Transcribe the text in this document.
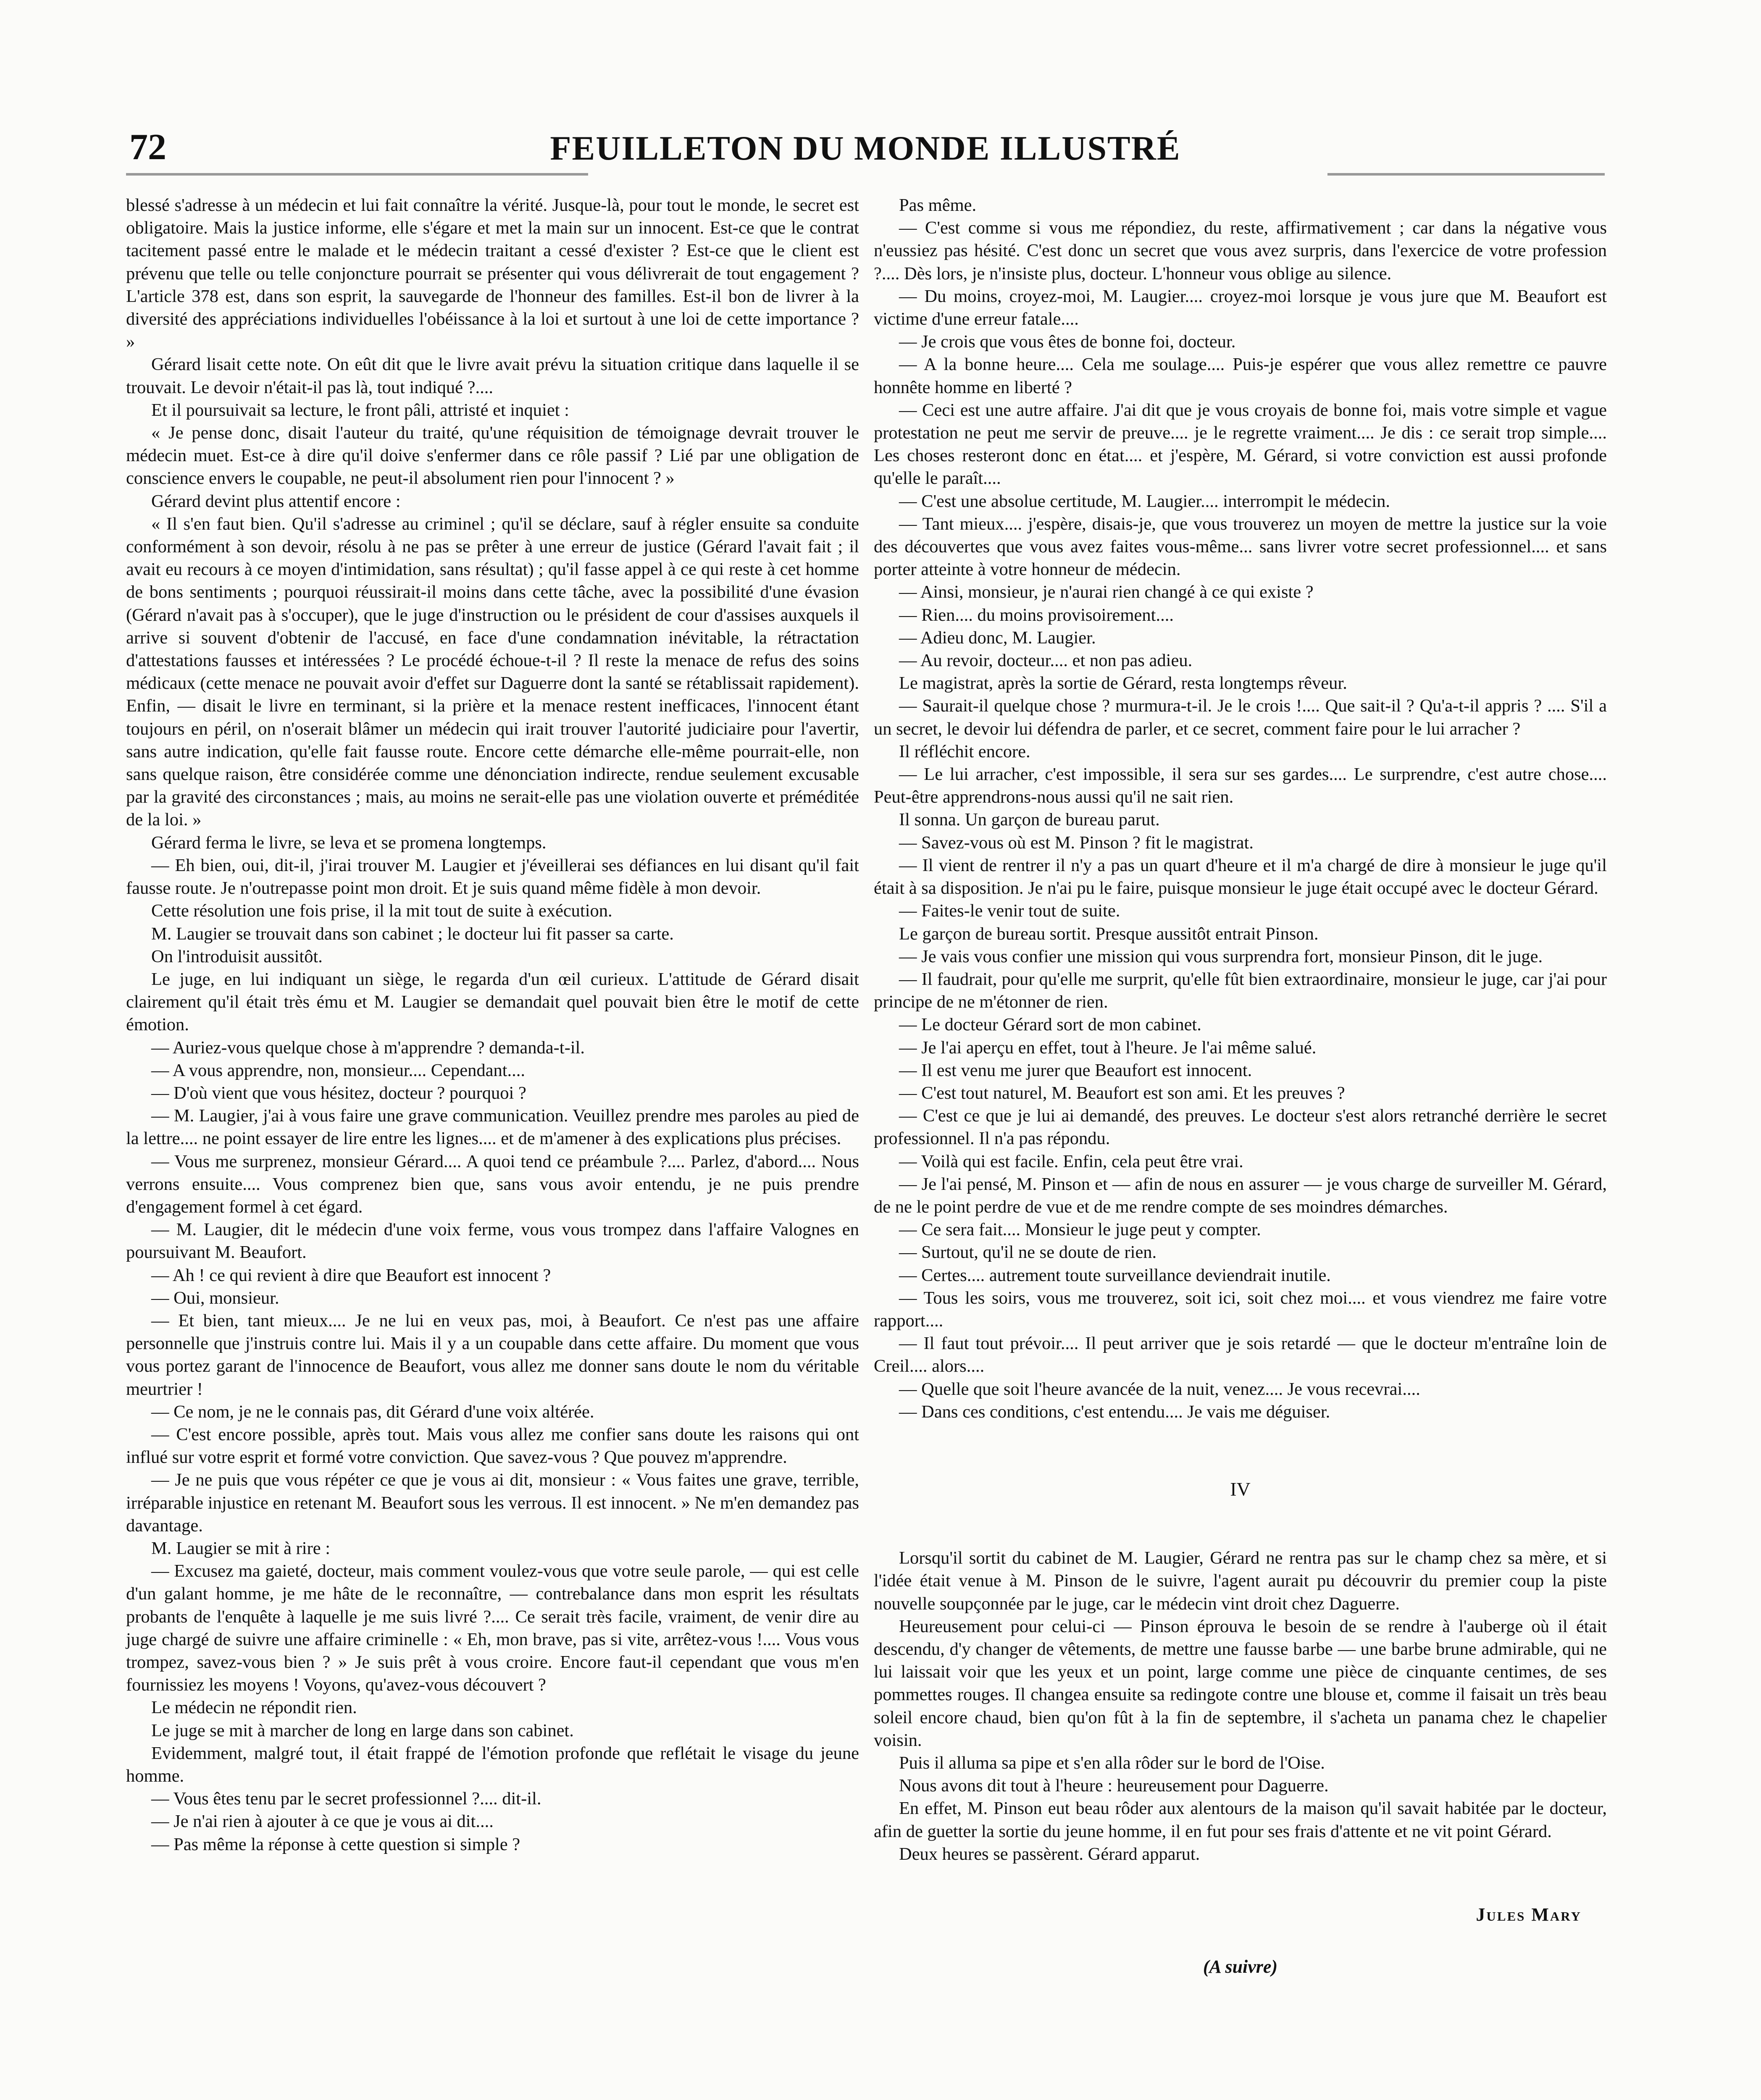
72	FEUILLETON DU MONDE ILLUSTRÉ

blessé s'adresse à un médecin et lui fait connaître la vérité. Jusque-là, pour tout le monde, le secret est obligatoire. Mais la justice informe, elle s'égare et met la main sur un innocent. Est-ce que le contrat tacitement passé entre le malade et le médecin traitant a cessé d'exister ? Est-ce que le client est prévenu que telle ou telle conjoncture pourrait se présenter qui vous délivrerait de tout engagement ? L'article 378 est, dans son esprit, la sauvegarde de l'honneur des familles. Est-il bon de livrer à la diversité des appréciations individuelles l'obéissance à la loi et surtout à une loi de cette importance ? »

Gérard lisait cette note. On eût dit que le livre avait prévu la situation critique dans laquelle il se trouvait. Le devoir n'était-il pas là, tout indiqué ?....

Et il poursuivait sa lecture, le front pâli, attristé et inquiet :

« Je pense donc, disait l'auteur du traité, qu'une réquisition de témoignage devrait trouver le médecin muet. Est-ce à dire qu'il doive s'enfermer dans ce rôle passif ? Lié par une obligation de conscience envers le coupable, ne peut-il absolument rien pour l'innocent ? »

Gérard devint plus attentif encore :

« Il s'en faut bien. Qu'il s'adresse au criminel ; qu'il se déclare, sauf à régler ensuite sa conduite conformément à son devoir, résolu à ne pas se prêter à une erreur de justice (Gérard l'avait fait ; il avait eu recours à ce moyen d'intimidation, sans résultat) ; qu'il fasse appel à ce qui reste à cet homme de bons sentiments ; pourquoi réussirait-il moins dans cette tâche, avec la possibilité d'une évasion (Gérard n'avait pas à s'occuper), que le juge d'instruction ou le président de cour d'assises auxquels il arrive si souvent d'obtenir de l'accusé, en face d'une condamnation inévitable, la rétractation d'attestations fausses et intéressées ? Le procédé échoue-t-il ? Il reste la menace de refus des soins médicaux (cette menace ne pouvait avoir d'effet sur Daguerre dont la santé se rétablissait rapidement). Enfin, — disait le livre en terminant, si la prière et la menace restent inefficaces, l'innocent étant toujours en péril, on n'oserait blâmer un médecin qui irait trouver l'autorité judiciaire pour l'avertir, sans autre indication, qu'elle fait fausse route. Encore cette démarche elle-même pourrait-elle, non sans quelque raison, être considérée comme une dénonciation indirecte, rendue seulement excusable par la gravité des circonstances ; mais, au moins ne serait-elle pas une violation ouverte et préméditée de la loi. »

Gérard ferma le livre, se leva et se promena longtemps.

— Eh bien, oui, dit-il, j'irai trouver M. Laugier et j'éveillerai ses défiances en lui disant qu'il fait fausse route. Je n'outrepasse point mon droit. Et je suis quand même fidèle à mon devoir.

Cette résolution une fois prise, il la mit tout de suite à exécution.

M. Laugier se trouvait dans son cabinet ; le docteur lui fit passer sa carte.

On l'introduisit aussitôt.

Le juge, en lui indiquant un siège, le regarda d'un œil curieux. L'attitude de Gérard disait clairement qu'il était très ému et M. Laugier se demandait quel pouvait bien être le motif de cette émotion.

— Auriez-vous quelque chose à m'apprendre ? demanda-t-il.

— A vous apprendre, non, monsieur.... Cependant....

— D'où vient que vous hésitez, docteur ? pourquoi ?

— M. Laugier, j'ai à vous faire une grave communication. Veuillez prendre mes paroles au pied de la lettre.... ne point essayer de lire entre les lignes.... et de m'amener à des explications plus précises.

— Vous me surprenez, monsieur Gérard.... A quoi tend ce préambule ?.... Parlez, d'abord.... Nous verrons ensuite.... Vous comprenez bien que, sans vous avoir entendu, je ne puis prendre d'engagement formel à cet égard.

— M. Laugier, dit le médecin d'une voix ferme, vous vous trompez dans l'affaire Valognes en poursuivant M. Beaufort.

— Ah ! ce qui revient à dire que Beaufort est innocent ?

— Oui, monsieur.

— Et bien, tant mieux.... Je ne lui en veux pas, moi, à Beaufort. Ce n'est pas une affaire personnelle que j'instruis contre lui. Mais il y a un coupable dans cette affaire. Du moment que vous vous portez garant de l'innocence de Beaufort, vous allez me donner sans doute le nom du véritable meurtrier !

— Ce nom, je ne le connais pas, dit Gérard d'une voix altérée.

— C'est encore possible, après tout. Mais vous allez me confier sans doute les raisons qui ont influé sur votre esprit et formé votre conviction. Que savez-vous ? Que pouvez m'apprendre.

— Je ne puis que vous répéter ce que je vous ai dit, monsieur : « Vous faites une grave, terrible, irréparable injustice en retenant M. Beaufort sous les verrous. Il est innocent. » Ne m'en demandez pas davantage.

M. Laugier se mit à rire :

— Excusez ma gaieté, docteur, mais comment voulez-vous que votre seule parole, — qui est celle d'un galant homme, je me hâte de le reconnaître, — contrebalance dans mon esprit les résultats probants de l'enquête à laquelle je me suis livré ?.... Ce serait très facile, vraiment, de venir dire au juge chargé de suivre une affaire criminelle : « Eh, mon brave, pas si vite, arrêtez-vous !.... Vous vous trompez, savez-vous bien ? » Je suis prêt à vous croire. Encore faut-il cependant que vous m'en fournissiez les moyens ! Voyons, qu'avez-vous découvert ?

Le médecin ne répondit rien.

Le juge se mit à marcher de long en large dans son cabinet.

Evidemment, malgré tout, il était frappé de l'émotion profonde que reflétait le visage du jeune homme.

— Vous êtes tenu par le secret professionnel ?.... dit-il.

— Je n'ai rien à ajouter à ce que je vous ai dit....

— Pas même la réponse à cette question si simple ?

Pas même.

— C'est comme si vous me répondiez, du reste, affirmativement ; car dans la négative vous n'eussiez pas hésité. C'est donc un secret que vous avez surpris, dans l'exercice de votre profession ?.... Dès lors, je n'insiste plus, docteur. L'honneur vous oblige au silence.

— Du moins, croyez-moi, M. Laugier.... croyez-moi lorsque je vous jure que M. Beaufort est victime d'une erreur fatale....

— Je crois que vous êtes de bonne foi, docteur.

— A la bonne heure.... Cela me soulage.... Puis-je espérer que vous allez remettre ce pauvre honnête homme en liberté ?

— Ceci est une autre affaire. J'ai dit que je vous croyais de bonne foi, mais votre simple et vague protestation ne peut me servir de preuve.... je le regrette vraiment.... Je dis : ce serait trop simple.... Les choses resteront donc en état.... et j'espère, M. Gérard, si votre conviction est aussi profonde qu'elle le paraît....

— C'est une absolue certitude, M. Laugier.... interrompit le médecin.

— Tant mieux.... j'espère, disais-je, que vous trouverez un moyen de mettre la justice sur la voie des découvertes que vous avez faites vous-même... sans livrer votre secret professionnel.... et sans porter atteinte à votre honneur de médecin.

— Ainsi, monsieur, je n'aurai rien changé à ce qui existe ?

— Rien.... du moins provisoirement....

— Adieu donc, M. Laugier.

— Au revoir, docteur.... et non pas adieu.

Le magistrat, après la sortie de Gérard, resta longtemps rêveur.

— Saurait-il quelque chose ? murmura-t-il. Je le crois !.... Que sait-il ? Qu'a-t-il appris ? .... S'il a un secret, le devoir lui défendra de parler, et ce secret, comment faire pour le lui arracher ?

Il réfléchit encore.

— Le lui arracher, c'est impossible, il sera sur ses gardes.... Le surprendre, c'est autre chose.... Peut-être apprendrons-nous aussi qu'il ne sait rien.

Il sonna. Un garçon de bureau parut.

— Savez-vous où est M. Pinson ? fit le magistrat.

— Il vient de rentrer il n'y a pas un quart d'heure et il m'a chargé de dire à monsieur le juge qu'il était à sa disposition. Je n'ai pu le faire, puisque monsieur le juge était occupé avec le docteur Gérard.

— Faites-le venir tout de suite.

Le garçon de bureau sortit. Presque aussitôt entrait Pinson.

— Je vais vous confier une mission qui vous surprendra fort, monsieur Pinson, dit le juge.

— Il faudrait, pour qu'elle me surprit, qu'elle fût bien extraordinaire, monsieur le juge, car j'ai pour principe de ne m'étonner de rien.

— Le docteur Gérard sort de mon cabinet.

— Je l'ai aperçu en effet, tout à l'heure. Je l'ai même salué.

— Il est venu me jurer que Beaufort est innocent.

— C'est tout naturel, M. Beaufort est son ami. Et les preuves ?

— C'est ce que je lui ai demandé, des preuves. Le docteur s'est alors retranché derrière le secret professionnel. Il n'a pas répondu.

— Voilà qui est facile. Enfin, cela peut être vrai.

— Je l'ai pensé, M. Pinson et — afin de nous en assurer — je vous charge de surveiller M. Gérard, de ne le point perdre de vue et de me rendre compte de ses moindres démarches.

— Ce sera fait.... Monsieur le juge peut y compter.

— Surtout, qu'il ne se doute de rien.

— Certes.... autrement toute surveillance deviendrait inutile.

— Tous les soirs, vous me trouverez, soit ici, soit chez moi.... et vous viendrez me faire votre rapport....

— Il faut tout prévoir.... Il peut arriver que je sois retardé — que le docteur m'entraîne loin de Creil.... alors....

— Quelle que soit l'heure avancée de la nuit, venez.... Je vous recevrai....

— Dans ces conditions, c'est entendu.... Je vais me déguiser.

IV

Lorsqu'il sortit du cabinet de M. Laugier, Gérard ne rentra pas sur le champ chez sa mère, et si l'idée était venue à M. Pinson de le suivre, l'agent aurait pu découvrir du premier coup la piste nouvelle soupçonnée par le juge, car le médecin vint droit chez Daguerre.

Heureusement pour celui-ci — Pinson éprouva le besoin de se rendre à l'auberge où il était descendu, d'y changer de vêtements, de mettre une fausse barbe — une barbe brune admirable, qui ne lui laissait voir que les yeux et un point, large comme une pièce de cinquante centimes, de ses pommettes rouges. Il changea ensuite sa redingote contre une blouse et, comme il faisait un très beau soleil encore chaud, bien qu'on fût à la fin de septembre, il s'acheta un panama chez le chapelier voisin.

Puis il alluma sa pipe et s'en alla rôder sur le bord de l'Oise.

Nous avons dit tout à l'heure : heureusement pour Daguerre.

En effet, M. Pinson eut beau rôder aux alentours de la maison qu'il savait habitée par le docteur, afin de guetter la sortie du jeune homme, il en fut pour ses frais d'attente et ne vit point Gérard.

Deux heures se passèrent. Gérard apparut.

Jules Mary
(A suivre)
